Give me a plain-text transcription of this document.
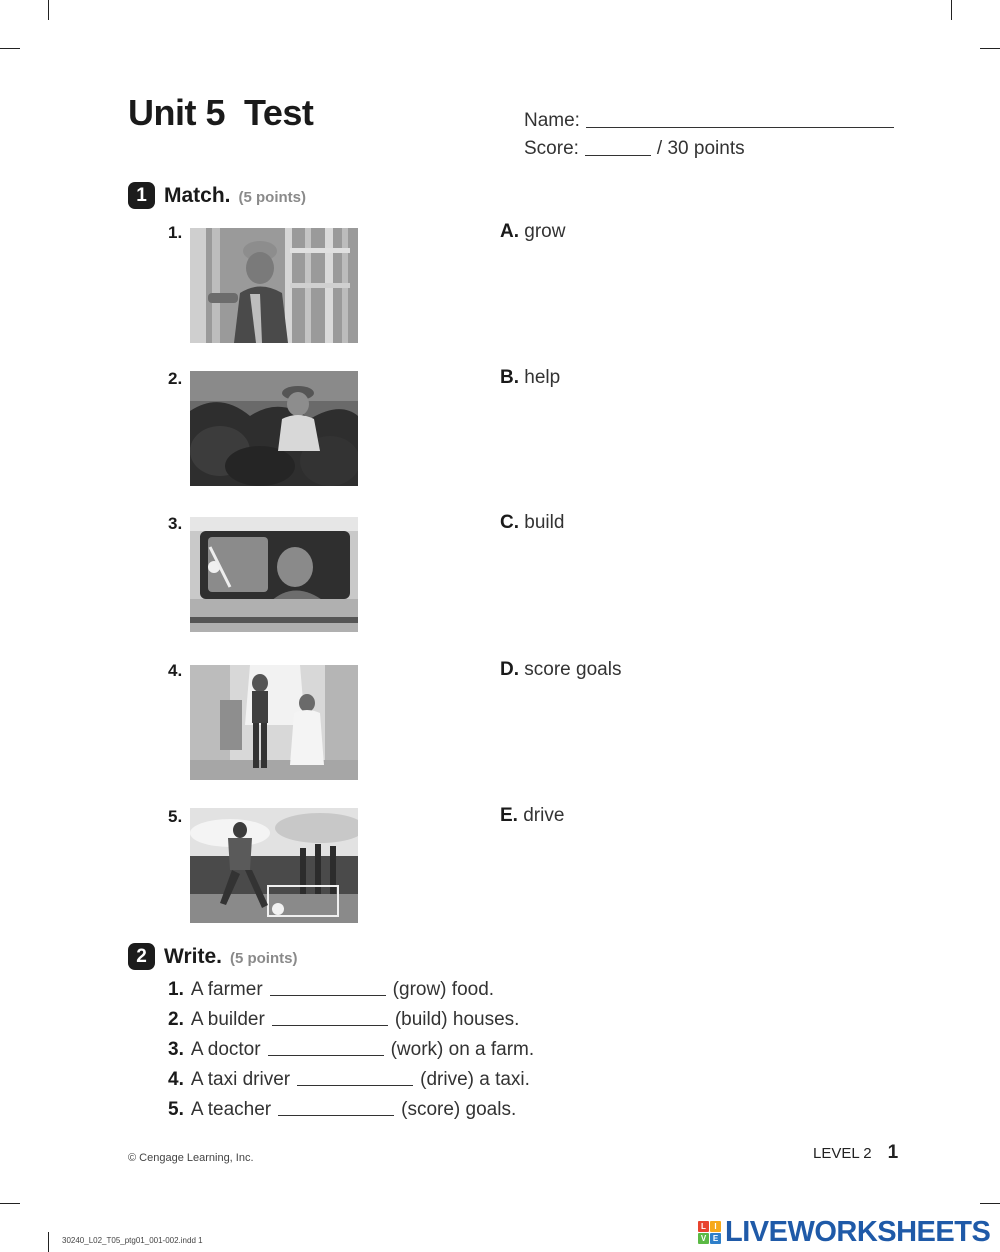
Unit 5  Test	Name:
Score:	/ 30 points
1 Match. (5 points)
1.
2.
3.
4.
5.
A. grow
B. help
C. build
D. score goals
E. drive
2 Write. (5 points)
1. A farmer	(grow) food.
2. A builder	(build) houses.
3. A doctor	(work) on a farm.
4. A taxi driver	(drive) a taxi.
5. A teacher	(score) goals.
© Cengage Learning, Inc.	LEVEL 2 1
30240_L02_T05_ptg01_001-002.indd 1
L	I
V E LIVEWORKSHEETS
